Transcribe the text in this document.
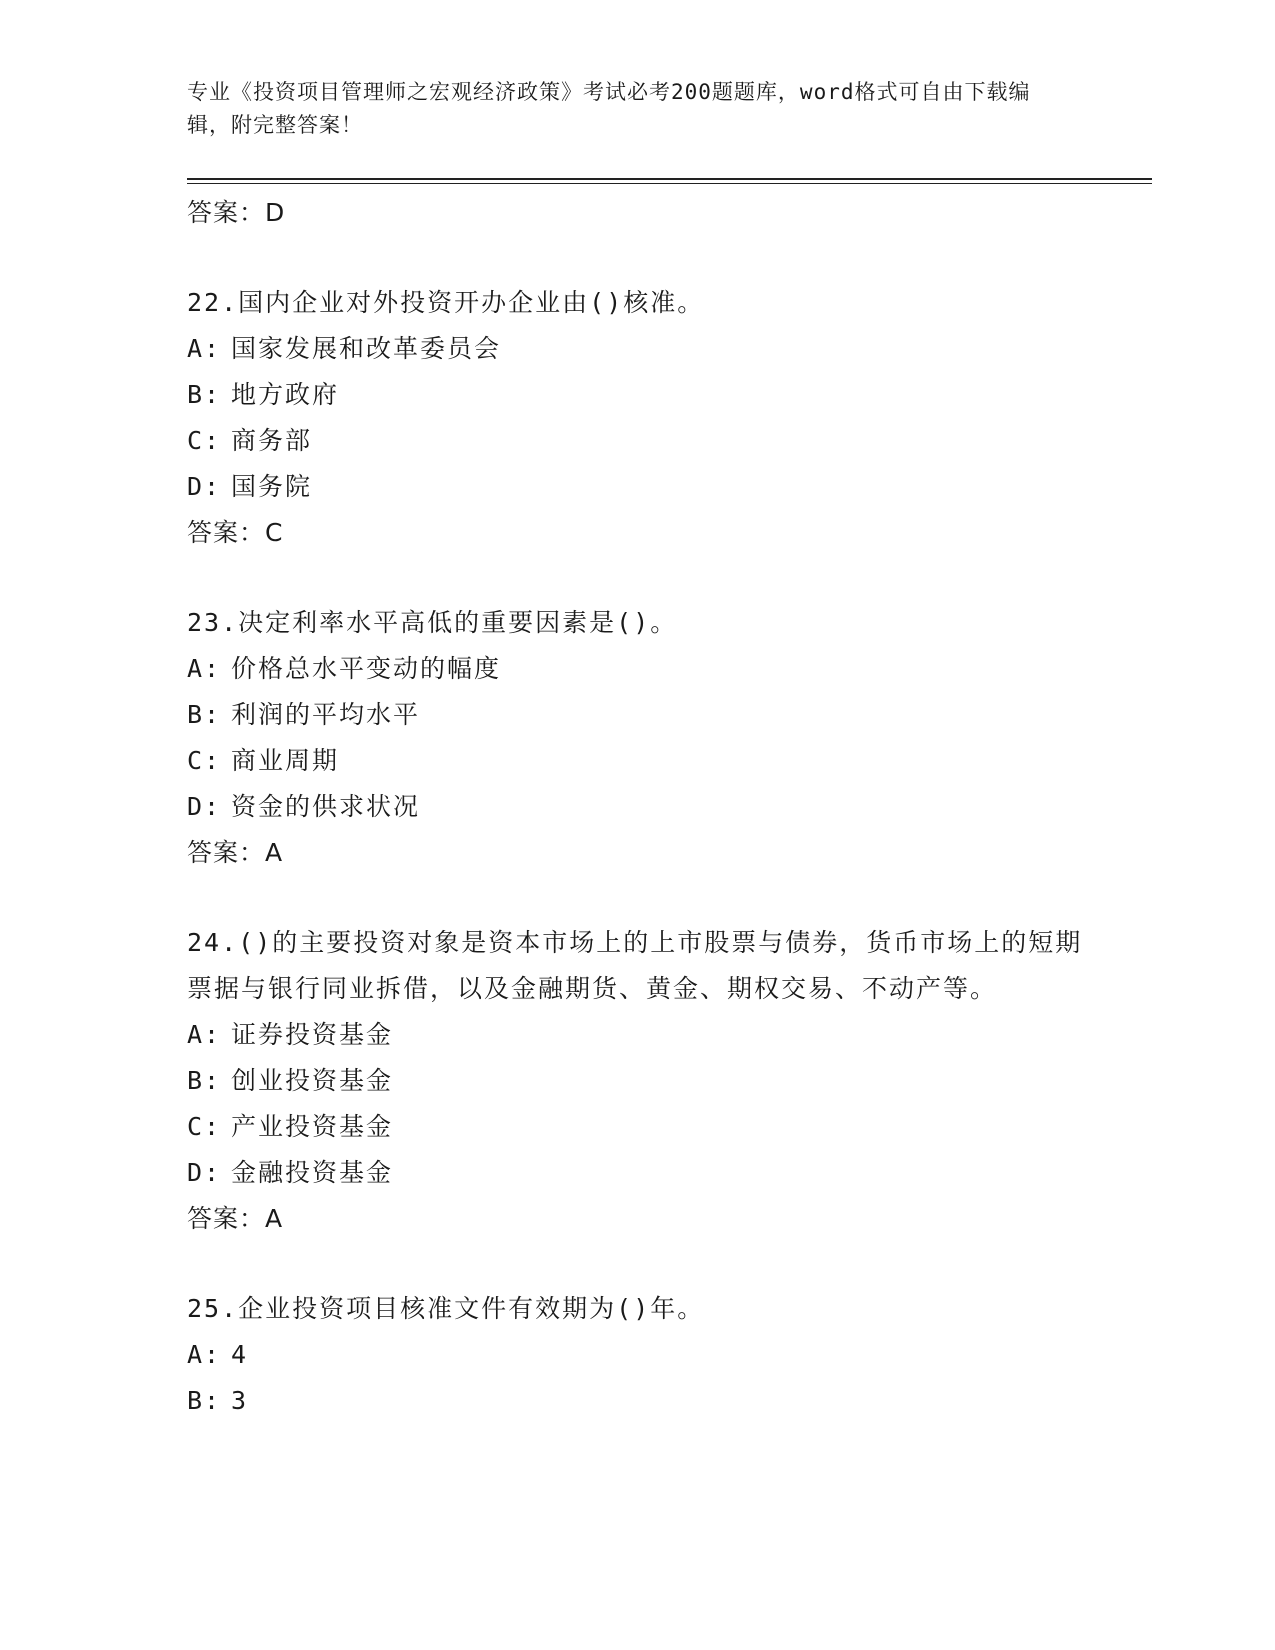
专业《投资项目管理师之宏观经济政策》考试必考200题题库，word格式可自由下载编辑，附完整答案！
答案：D
22.国内企业对外投资开办企业由()核准。
A: 国家发展和改革委员会
B: 地方政府
C: 商务部
D: 国务院
答案：C
23.决定利率水平高低的重要因素是()。
A: 价格总水平变动的幅度
B: 利润的平均水平
C: 商业周期
D: 资金的供求状况
答案：A
24.()的主要投资对象是资本市场上的上市股票与债券，货币市场上的短期票据与银行同业拆借，以及金融期货、黄金、期权交易、不动产等。
A: 证券投资基金
B: 创业投资基金
C: 产业投资基金
D: 金融投资基金
答案：A
25.企业投资项目核准文件有效期为()年。
A: 4
B: 3
